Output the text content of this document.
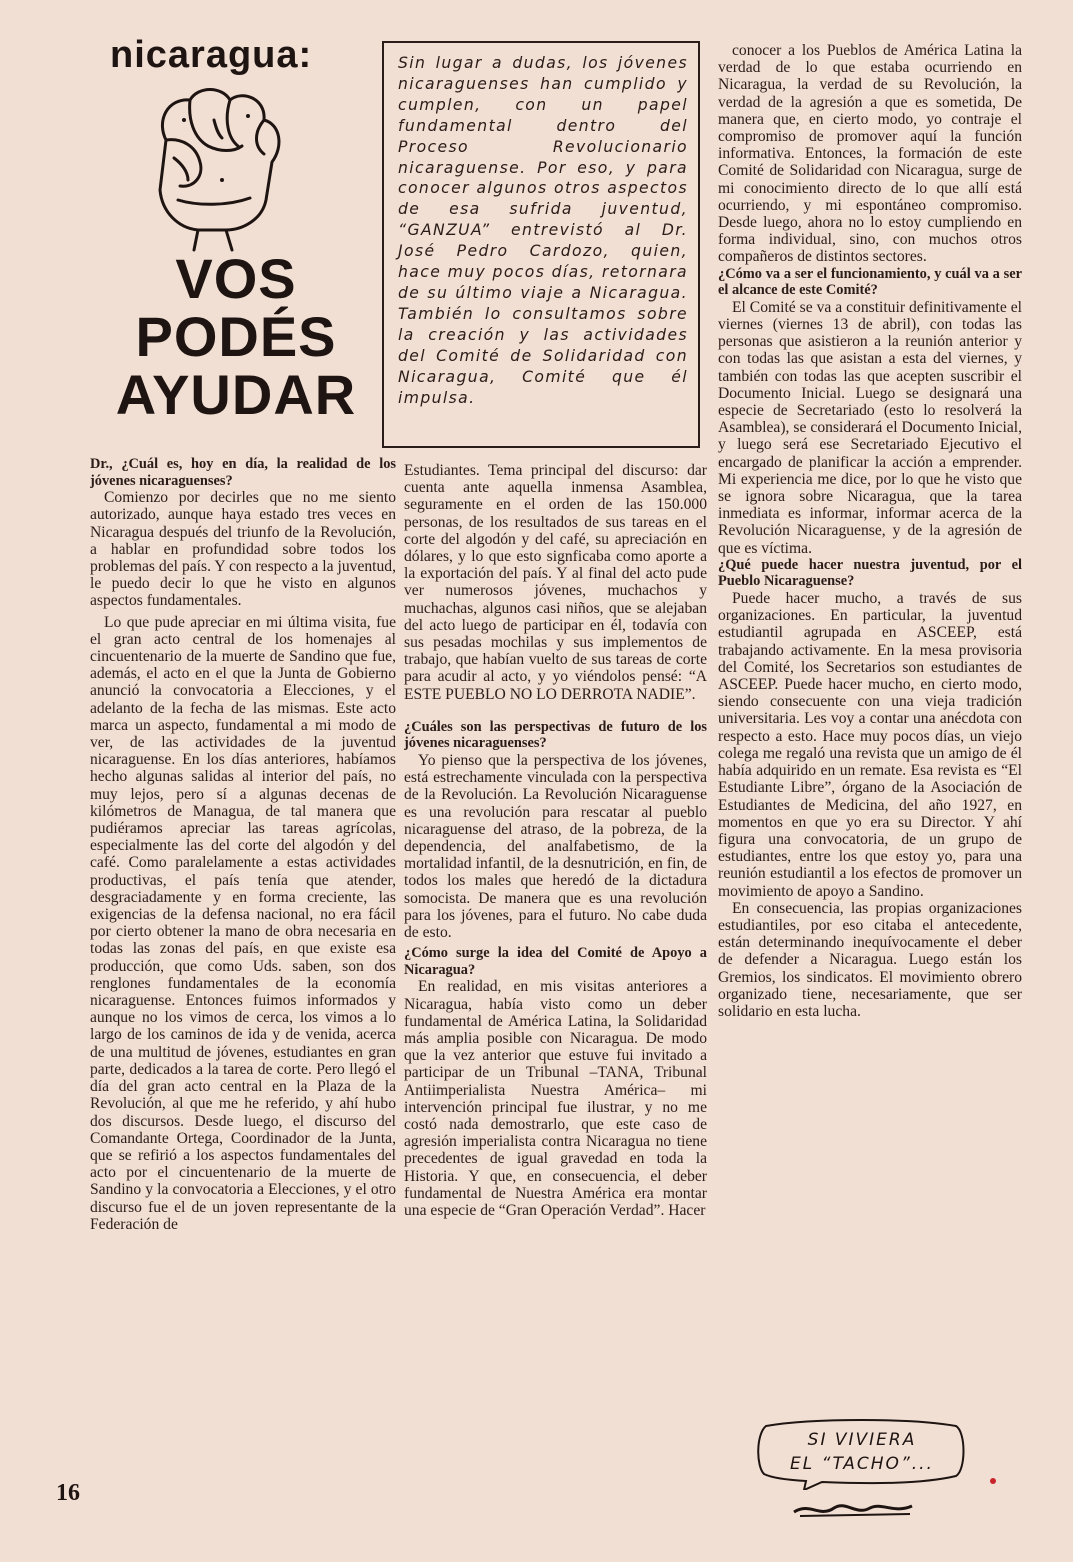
nicaragua:
VOS
PODÉS
AYUDAR
Sin lugar a dudas, los jóvenes nicaraguenses han cumplido y cumplen, con un papel fundamental dentro del Proceso Revolucionario nicaraguense. Por eso, y para conocer algunos otros aspectos de esa sufrida juventud, “GANZUA” entrevistó al Dr. José Pedro Cardozo, quien, hace muy pocos días, retornara de su último viaje a Nicaragua. También lo consultamos sobre la creación y las actividades del Comité de Solidaridad con Nicaragua, Comité que él impulsa.

Dr., ¿Cuál es, hoy en día, la realidad de los jóvenes nicaraguenses?

Comienzo por decirles que no me siento autorizado, aunque haya estado tres veces en Nicaragua después del triunfo de la Revolución, a hablar en profundidad sobre todos los problemas del país. Y con respecto a la juventud, le puedo decir lo que he visto en algunos aspectos fundamentales.

Lo que pude apreciar en mi última visita, fue el gran acto central de los homenajes al cincuentenario de la muerte de Sandino que fue, además, el acto en el que la Junta de Gobierno anunció la convocatoria a Elecciones, y el adelanto de la fecha de las mismas. Este acto marca un aspecto, fundamental a mi modo de ver, de las actividades de la juventud nicaraguense. En los días anteriores, habíamos hecho algunas salidas al interior del país, no muy lejos, pero sí a algunas decenas de kilómetros de Managua, de tal manera que pudiéramos apreciar las tareas agrícolas, especialmente las del corte del algodón y del café. Como paralelamente a estas actividades productivas, el país tenía que atender, desgraciadamente y en forma creciente, las exigencias de la defensa nacional, no era fácil por cierto obtener la mano de obra necesaria en todas las zonas del país, en que existe esa producción, que como Uds. saben, son dos renglones fundamentales de la economía nicaraguense. Entonces fuimos informados y aunque no los vimos de cerca, los vimos a lo largo de los caminos de ida y de venida, acerca de una multitud de jóvenes, estudiantes en gran parte, dedicados a la tarea de corte. Pero llegó el día del gran acto central en la Plaza de la Revolución, al que me he referido, y ahí hubo dos discursos. Desde luego, el discurso del Comandante Ortega, Coordinador de la Junta, que se refirió a los aspectos fundamentales del acto por el cincuentenario de la muerte de Sandino y la convocatoria a Elecciones, y el otro discurso fue el de un joven representante de la Federación de

Estudiantes. Tema principal del discurso: dar cuenta ante aquella inmensa Asamblea, seguramente en el orden de las 150.000 personas, de los resultados de sus tareas en el corte del algodón y del café, su apreciación en dólares, y lo que esto signficaba como aporte a la exportación del país. Y al final del acto pude ver numerosos jóvenes, muchachos y muchachas, algunos casi niños, que se alejaban del acto luego de participar en él, todavía con sus pesadas mochilas y sus implementos de trabajo, que habían vuelto de sus tareas de corte para acudir al acto, y yo viéndolos pensé: “A ESTE PUEBLO NO LO DERROTA NADIE”.

¿Cuáles son las perspectivas de futuro de los jóvenes nicaraguenses?

Yo pienso que la perspectiva de los jóvenes, está estrechamente vinculada con la perspectiva de la Revolución. La Revolución Nicaraguense es una revolución para rescatar al pueblo nicaraguense del atraso, de la pobreza, de la dependencia, del analfabetismo, de la mortalidad infantil, de la desnutrición, en fin, de todos los males que heredó de la dictadura somocista. De manera que es una revolución para los jóvenes, para el futuro. No cabe duda de esto.

¿Cómo surge la idea del Comité de Apoyo a Nicaragua?

En realidad, en mis visitas anteriores a Nicaragua, había visto como un deber fundamental de América Latina, la Solidaridad más amplia posible con Nicaragua. De modo que la vez anterior que estuve fui invitado a participar de un Tribunal –TANA, Tribunal Antiimperialista Nuestra América– mi intervención principal fue ilustrar, y no me costó nada demostrarlo, que este caso de agresión imperialista contra Nicaragua no tiene precedentes de igual gravedad en toda la Historia. Y que, en consecuencia, el deber fundamental de Nuestra América era montar una especie de “Gran Operación Verdad”. Hacer

conocer a los Pueblos de América Latina la verdad de lo que estaba ocurriendo en Nicaragua, la verdad de su Revolución, la verdad de la agresión a que es sometida, De manera que, en cierto modo, yo contraje el compromiso de promover aquí la función informativa. Entonces, la formación de este Comité de Solidaridad con Nicaragua, surge de mi conocimiento directo de lo que allí está ocurriendo, y mi espontáneo compromiso. Desde luego, ahora no lo estoy cumpliendo en forma individual, sino, con muchos otros compañeros de distintos sectores.

¿Cómo va a ser el funcionamiento, y cuál va a ser el alcance de este Comité?

El Comité se va a constituir definitivamente el viernes (viernes 13 de abril), con todas las personas que asistieron a la reunión anterior y con todas las que asistan a esta del viernes, y también con todas las que acepten suscribir el Documento Inicial. Luego se designará una especie de Secretariado (esto lo resolverá la Asamblea), se considerará el Documento Inicial, y luego será ese Secretariado Ejecutivo el encargado de planificar la acción a emprender. Mi experiencia me dice, por lo que he visto que se ignora sobre Nicaragua, que la tarea inmediata es informar, informar acerca de la Revolución Nicaraguense, y de la agresión de que es víctima.

¿Qué puede hacer nuestra juventud, por el Pueblo Nicaraguense?

Puede hacer mucho, a través de sus organizaciones. En particular, la juventud estudiantil agrupada en ASCEEP, está trabajando activamente. En la mesa provisoria del Comité, los Secretarios son estudiantes de ASCEEP. Puede hacer mucho, en cierto modo, siendo consecuente con una vieja tradición universitaria. Les voy a contar una anécdota con respecto a esto. Hace muy pocos días, un viejo colega me regaló una revista que un amigo de él había adquirido en un remate. Esa revista es “El Estudiante Libre”, órgano de la Asociación de Estudiantes de Medicina, del año 1927, en momentos en que yo era su Director. Y ahí figura una convocatoria, de un grupo de estudiantes, entre los que estoy yo, para una reunión estudiantil a los efectos de promover un movimiento de apoyo a Sandino.

En consecuencia, las propias organizaciones estudiantiles, por eso citaba el antecedente, están determinando inequívocamente el deber de defender a Nicaragua. Luego están los Gremios, los sindicatos. El movimiento obrero organizado tiene, necesariamente, que ser solidario en esta lucha.

SI VIVIERA
EL “TACHO”...
16
